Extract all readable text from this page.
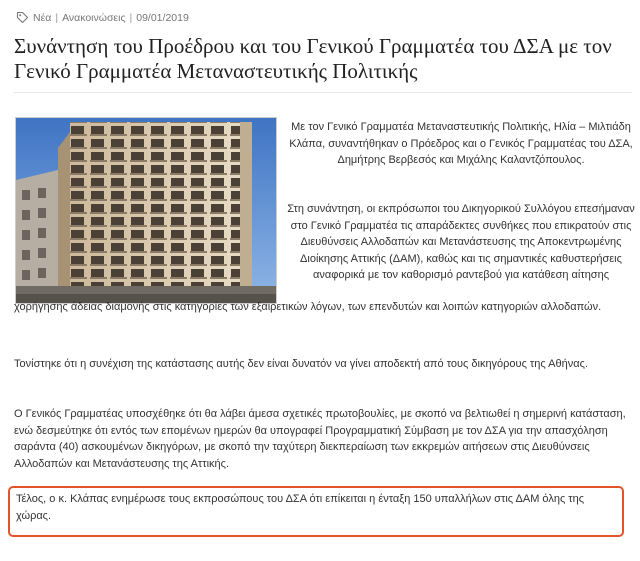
Νέα | Ανακοινώσεις | 09/01/2019
Συνάντηση του Προέδρου και του Γενικού Γραμματέα του ΔΣΑ με τον Γενικό Γραμματέα Μεταναστευτικής Πολιτικής

Με τον Γενικό Γραμματέα Μεταναστευτικής Πολιτικής, Ηλία – Μιλτιάδη Κλάπα, συναντήθηκαν ο Πρόεδρος και ο Γενικός Γραμματέας του ΔΣΑ, Δημήτρης Βερβεσός και Μιχάλης Καλαντζόπουλος.

Στη συνάντηση, οι εκπρόσωποι του Δικηγορικού Συλλόγου επεσήμαναν στο Γενικό Γραμματέα τις απαράδεκτες συνθήκες που επικρατούν στις Διευθύνσεις Αλλοδαπών και Μετανάστευσης της Αποκεντρωμένης Διοίκησης Αττικής (ΔΑΜ), καθώς και τις σημαντικές καθυστερήσεις αναφορικά με τον καθορισμό ραντεβού για κατάθεση αίτησης

χορήγησης άδειας διαμονής στις κατηγορίες των εξαιρετικών λόγων, των επενδυτών και λοιπών κατηγοριών αλλοδαπών.

Τονίστηκε ότι η συνέχιση της κατάστασης αυτής δεν είναι δυνατόν να γίνει αποδεκτή από τους δικηγόρους της Αθήνας.

Ο Γενικός Γραμματέας υποσχέθηκε ότι θα λάβει άμεσα σχετικές πρωτοβουλίες, με σκοπό να βελτιωθεί η σημερινή κατάσταση, ενώ δεσμεύτηκε ότι εντός των επομένων ημερών θα υπογραφεί Προγραμματική Σύμβαση με τον ΔΣΑ για την απασχόληση σαράντα (40) ασκουμένων δικηγόρων, με σκοπό την ταχύτερη διεκπεραίωση των εκκρεμών αιτήσεων στις Διευθύνσεις Αλλοδαπών και Μετανάστευσης της Αττικής.

Τέλος, ο κ. Κλάπας ενημέρωσε τους εκπροσώπους του ΔΣΑ ότι επίκειται η ένταξη 150 υπαλλήλων στις ΔΑΜ όλης της χώρας.
